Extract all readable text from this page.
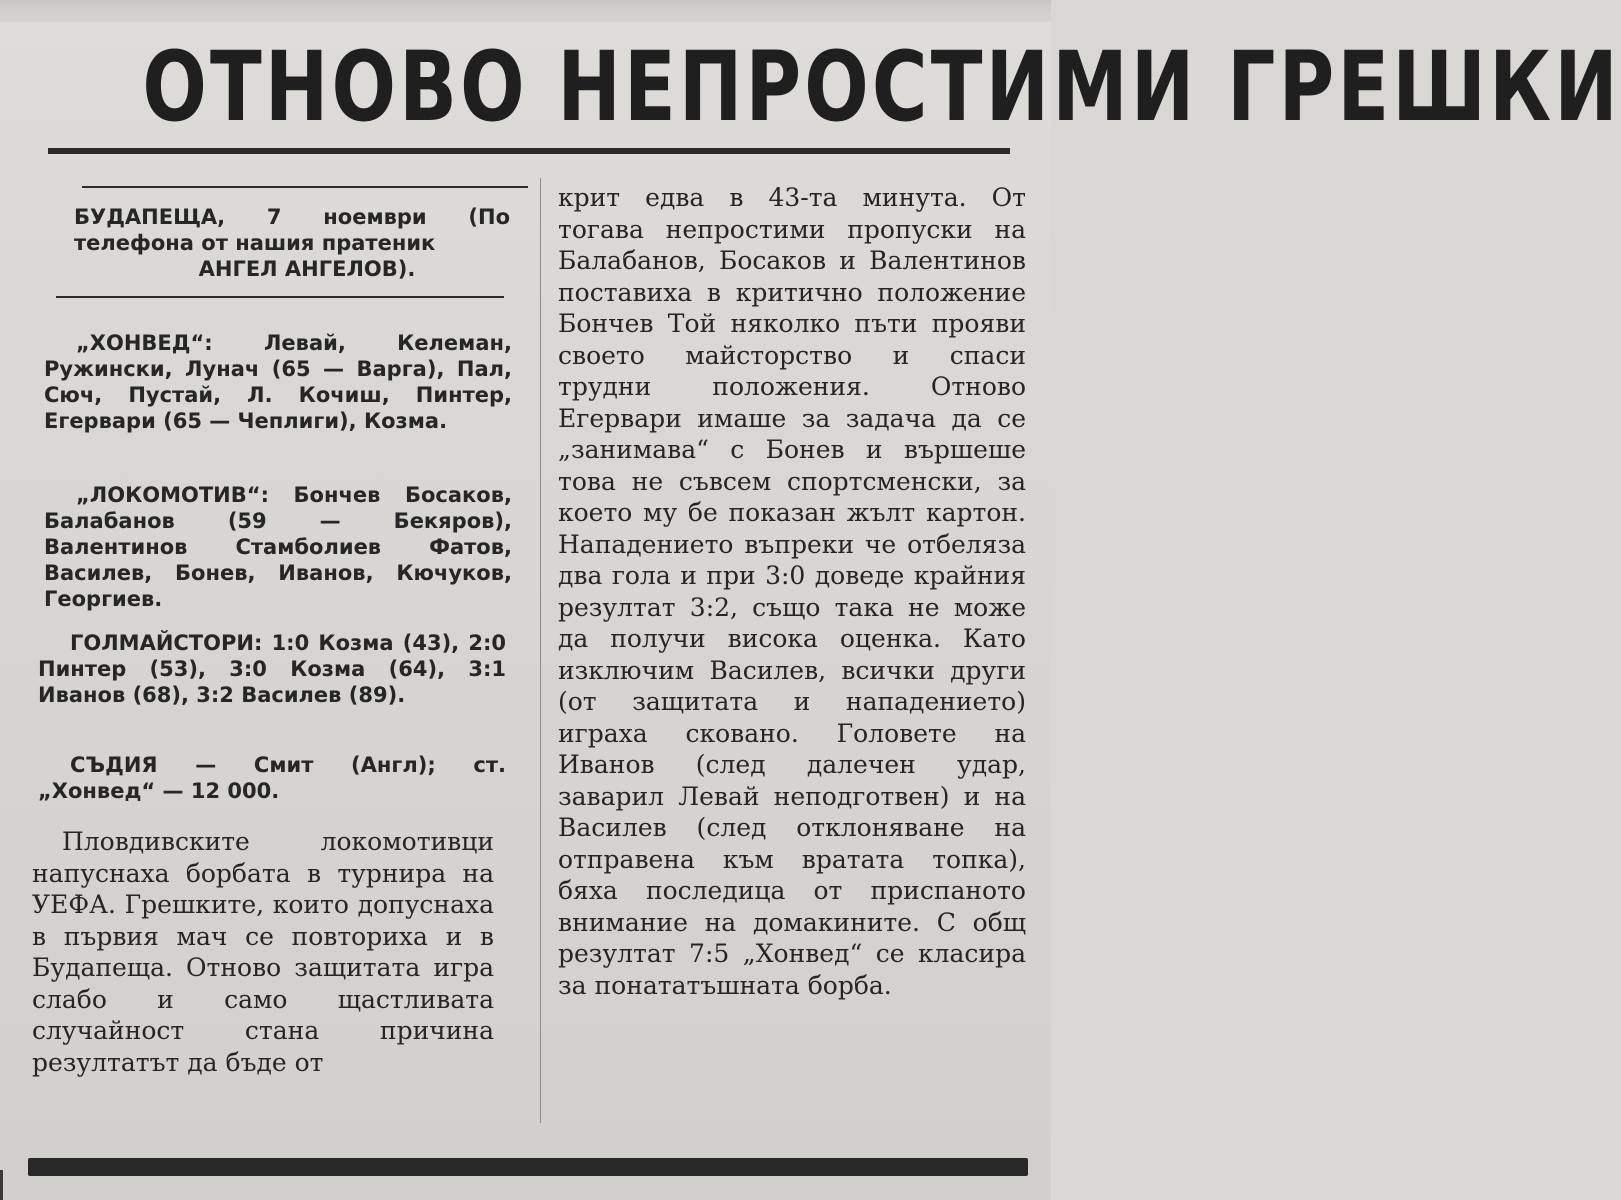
ОТНОВО НЕПРОСТИМИ ГРЕШКИ

БУДАПЕЩА, 7 ноември (По телефона от нашия пратеник
АНГЕЛ АНГЕЛОВ).

„ХОНВЕД“: Левай, Келеман, Ружински, Лунач (65 — Варга), Пал, Сюч, Пустай, Л. Кочиш, Пинтер, Егервари (65 — Чеплиги), Козма.

„ЛОКОМОТИВ“: Бончев Босаков, Балабанов (59 — Бекяров), Валентинов Стамболиев Фатов, Василев, Бонев, Иванов, Кючуков, Георгиев.

ГОЛМАЙСТОРИ: 1:0 Козма (43), 2:0 Пинтер (53), 3:0 Козма (64), 3:1 Иванов (68), 3:2 Василев (89).

СЪДИЯ — Смит (Англ); ст. „Хонвед“ — 12 000.

Пловдивските локомотивци напуснаха борбата в турнира на УЕФА. Грешките, които допуснаха в първия мач се повториха и в Будапеща. Отново защитата игра слабо и само щастливата случайност стана причина резултатът да бъде от

крит едва в 43-та минута. От тогава непростими пропуски на Балабанов, Босаков и Валентинов поставиха в критично положение Бончев Той няколко пъти прояви своето майсторство и спаси трудни положения. Отново Егервари имаше за задача да се „занимава“ с Бонев и вършеше това не съвсем спортсменски, за което му бе показан жълт картон. Нападението въпреки че отбеляза два гола и при 3:0 доведе крайния резултат 3:2, също така не може да получи висока оценка. Като изключим Василев, всички други (от защитата и нападението) играха сковано. Головете на Иванов (след далечен удар, заварил Левай неподготвен) и на Василев (след отклоняване на отправена към вратата топка), бяха последица от приспаното внимание на домакините. С общ резултат 7:5 „Хонвед“ се класира за понататъшната борба.
